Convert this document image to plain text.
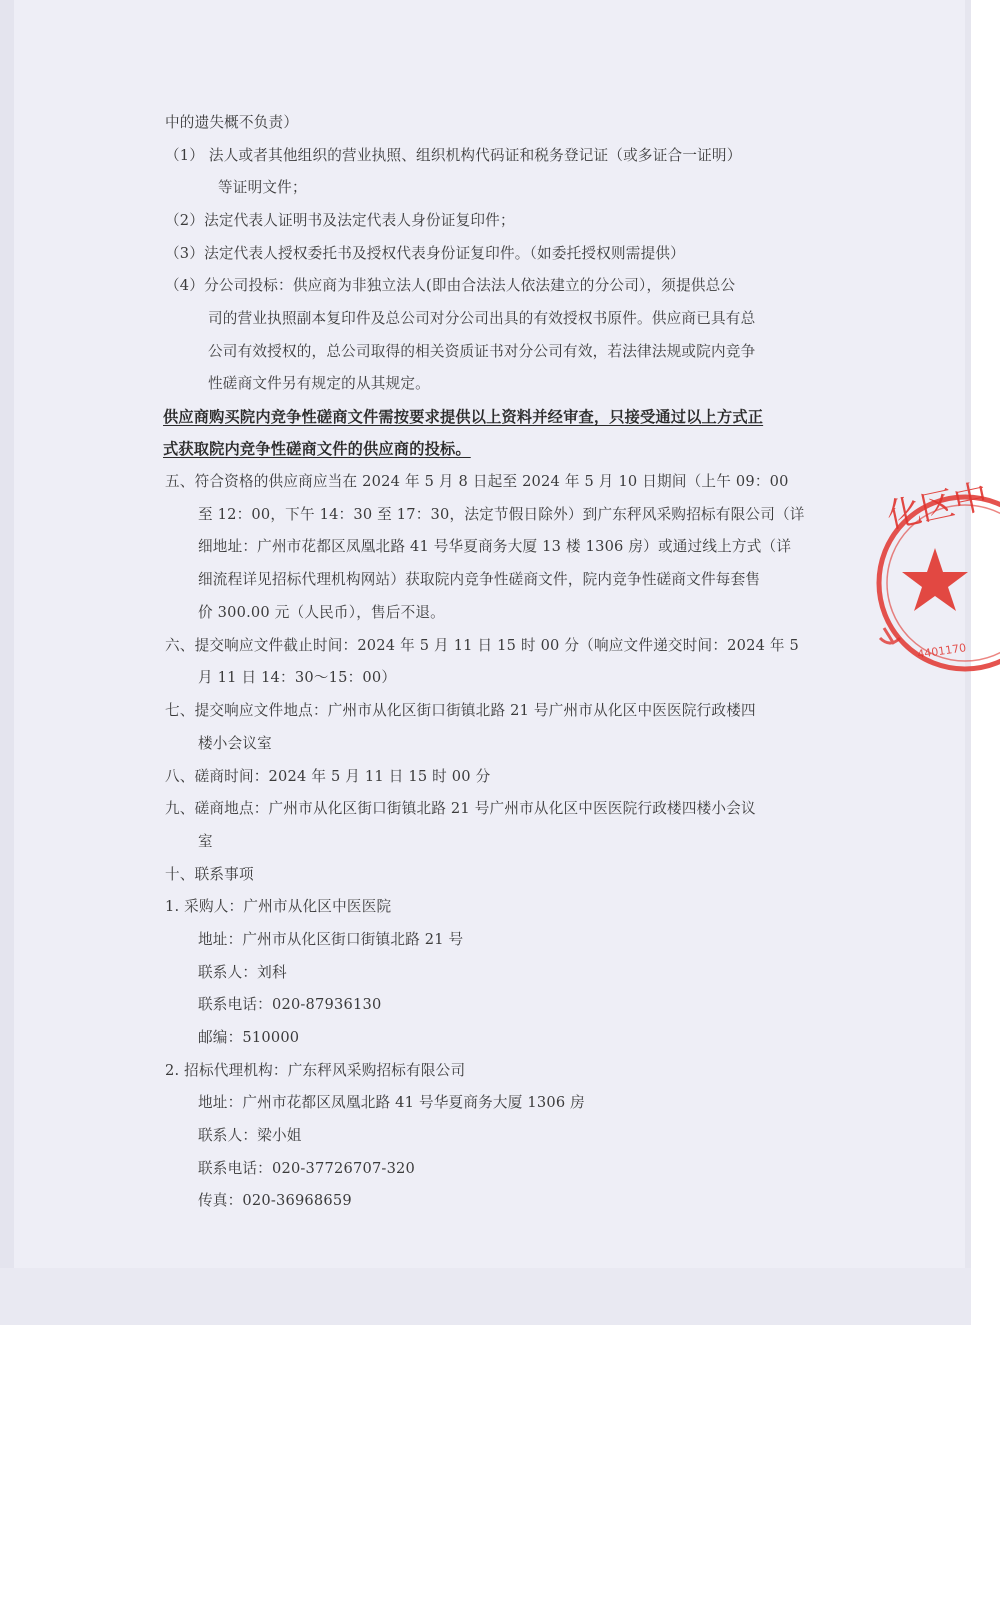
中的遗失概不负责）
（1） 法人或者其他组织的营业执照、组织机构代码证和税务登记证（或多证合一证明）
等证明文件；
（2）法定代表人证明书及法定代表人身份证复印件；
（3）法定代表人授权委托书及授权代表身份证复印件。（如委托授权则需提供）
（4）分公司投标：供应商为非独立法人(即由合法法人依法建立的分公司），须提供总公
司的营业执照副本复印件及总公司对分公司出具的有效授权书原件。供应商已具有总
公司有效授权的，总公司取得的相关资质证书对分公司有效，若法律法规或院内竞争
性磋商文件另有规定的从其规定。
供应商购买院内竞争性磋商文件需按要求提供以上资料并经审查，只接受通过以上方式正
式获取院内竞争性磋商文件的供应商的投标。
五、符合资格的供应商应当在 2024 年 5 月 8 日起至 2024 年 5 月 10 日期间（上午 09：00
至 12：00，下午 14：30 至 17：30，法定节假日除外）到广东秤风采购招标有限公司（详
细地址：广州市花都区凤凰北路 41 号华夏商务大厦 13 楼 1306 房）或通过线上方式（详
细流程详见招标代理机构网站）获取院内竞争性磋商文件，院内竞争性磋商文件每套售
价 300.00 元（人民币），售后不退。
六、提交响应文件截止时间：2024 年 5 月 11 日 15 时 00 分（响应文件递交时间：2024 年 5
月 11 日 14：30～15：00）
七、提交响应文件地点：广州市从化区街口街镇北路 21 号广州市从化区中医医院行政楼四
楼小会议室
八、磋商时间：2024 年 5 月 11 日 15 时 00 分
九、磋商地点：广州市从化区街口街镇北路 21 号广州市从化区中医医院行政楼四楼小会议
室
十、联系事项
1. 采购人：广州市从化区中医医院
地址：广州市从化区街口街镇北路 21 号
联系人：刘科
联系电话：020-87936130
邮编：510000
2. 招标代理机构：广东秤风采购招标有限公司
地址：广州市花都区凤凰北路 41 号华夏商务大厦 1306 房
联系人：梁小姐
联系电话：020-37726707-320
传真：020-36968659
化区中
4401170
